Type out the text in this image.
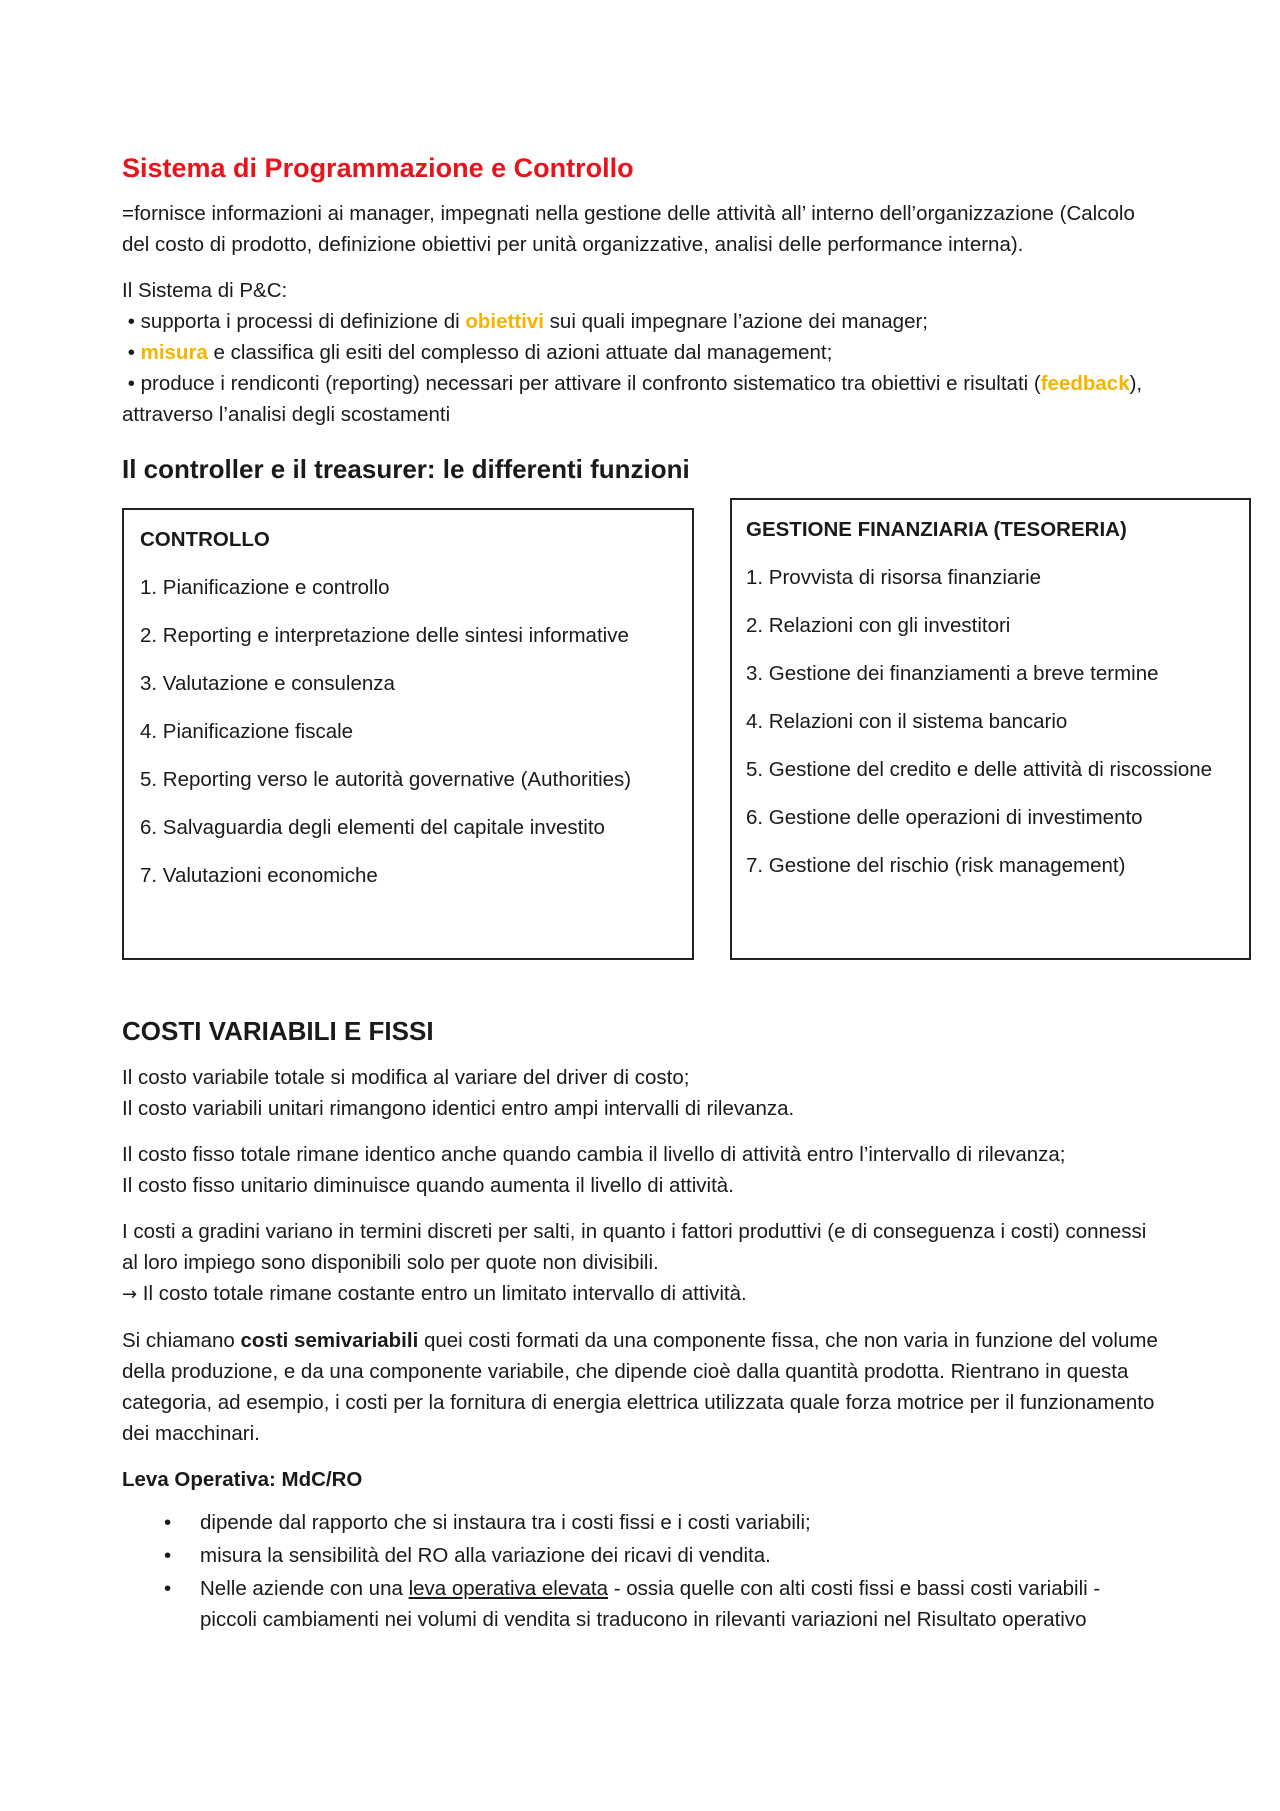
Sistema di Programmazione e Controllo

=fornisce informazioni ai manager, impegnati nella gestione delle attività all’ interno dell’organizzazione (Calcolo del costo di prodotto, definizione obiettivi per unità organizzative, analisi delle performance interna).

Il Sistema di P&C:
• supporta i processi di definizione di obiettivi sui quali impegnare l’azione dei manager;
• misura e classifica gli esiti del complesso di azioni attuate dal management;
• produce i rendiconti (reporting) necessari per attivare il confronto sistematico tra obiettivi e risultati (feedback), attraverso l’analisi degli scostamenti

Il controller e il treasurer: le differenti funzioni
CONTROLLO
1. Pianificazione e controllo
2. Reporting e interpretazione delle sintesi informative
3. Valutazione e consulenza
4. Pianificazione fiscale
5. Reporting verso le autorità governative (Authorities)
6. Salvaguardia degli elementi del capitale investito
7. Valutazioni economiche
GESTIONE FINANZIARIA (TESORERIA)
1. Provvista di risorsa finanziarie
2. Relazioni con gli investitori
3. Gestione dei finanziamenti a breve termine
4. Relazioni con il sistema bancario
5. Gestione del credito e delle attività di riscossione
6. Gestione delle operazioni di investimento
7. Gestione del rischio (risk management)
COSTI VARIABILI E FISSI

Il costo variabile totale si modifica al variare del driver di costo;
Il costo variabili unitari rimangono identici entro ampi intervalli di rilevanza.

Il costo fisso totale rimane identico anche quando cambia il livello di attività entro l’intervallo di rilevanza;
Il costo fisso unitario diminuisce quando aumenta il livello di attività.

I costi a gradini variano in termini discreti per salti, in quanto i fattori produttivi (e di conseguenza i costi) connessi al loro impiego sono disponibili solo per quote non divisibili.
→ Il costo totale rimane costante entro un limitato intervallo di attività.

Si chiamano costi semivariabili quei costi formati da una componente fissa, che non varia in funzione del volume della produzione, e da una componente variabile, che dipende cioè dalla quantità prodotta. Rientrano in questa categoria, ad esempio, i costi per la fornitura di energia elettrica utilizzata quale forza motrice per il funzionamento dei macchinari.

Leva Operativa: MdC/RO

• dipende dal rapporto che si instaura tra i costi fissi e i costi variabili;
• misura la sensibilità del RO alla variazione dei ricavi di vendita.
• Nelle aziende con una leva operativa elevata - ossia quelle con alti costi fissi e bassi costi variabili - piccoli cambiamenti nei volumi di vendita si traducono in rilevanti variazioni nel Risultato operativo
